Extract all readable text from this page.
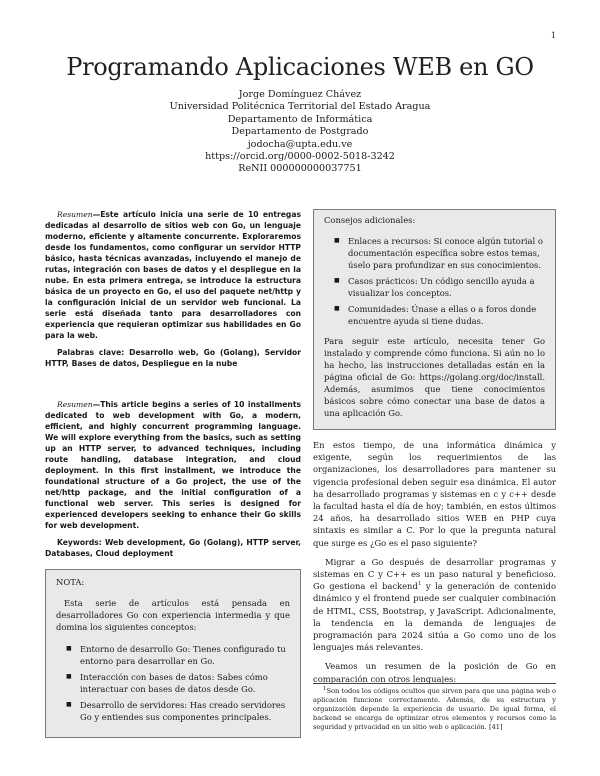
1
Programando Aplicaciones WEB en GO
Jorge Domínguez Chávez
Universidad Politécnica Territorial del Estado Aragua
Departamento de Informática
Departamento de Postgrado
jodocha@upta.edu.ve
https://orcid.org/0000-0002-5018-3242
ReNII 000000000037751

Resumen—Este artículo inicia una serie de 10 entregas dedicadas al desarrollo de sitios web con Go, un lenguaje moderno, eficiente y altamente concurrente. Exploraremos desde los fundamentos, como configurar un servidor HTTP básico, hasta técnicas avanzadas, incluyendo el manejo de rutas, integración con bases de datos y el despliegue en la nube. En esta primera entrega, se introduce la estructura básica de un proyecto en Go, el uso del paquete net/http y la configuración inicial de un servidor web funcional. La serie está diseñada tanto para desarrolladores con experiencia que requieran optimizar sus habilidades en Go para la web.

Palabras clave: Desarrollo web, Go (Golang), Servidor HTTP, Bases de datos, Despliegue en la nube

Resumen—This article begins a series of 10 installments dedicated to web development with Go, a modern, efficient, and highly concurrent programming language. We will explore everything from the basics, such as setting up an HTTP server, to advanced techniques, including route handling, database integration, and cloud deployment. In this first installment, we introduce the foundational structure of a Go project, the use of the net/http package, and the initial configuration of a functional web server. This series is designed for experienced developers seeking to enhance their Go skills for web development.

Keywords: Web development, Go (Golang), HTTP server, Databases, Cloud deployment

NOTA:

Esta serie de artículos está pensada en desarrolladores Go con experiencia intermedia y que domina los siguientes conceptos:

■ Entorno de desarrollo Go: Tienes configurado tu entorno para desarrollar en Go.
■ Interacción con bases de datos: Sabes cómo interactuar con bases de datos desde Go.
■ Desarrollo de servidores: Has creado servidores Go y entiendes sus componentes principales.
Consejos adicionales:
■ Enlaces a recursos: Si conoce algún tutorial o documentación específica sobre estos temas, úselo para profundizar en sus conocimientos.
■ Casos prácticos: Un código sencillo ayuda a visualizar los conceptos.
■ Comunidades: Únase a ellas o a foros donde encuentre ayuda si tiene dudas.

Para seguir este artículo, necesita tener Go instalado y comprende cómo funciona. Si aún no lo ha hecho, las instrucciones detalladas están en la página oficial de Go: https://golang.org/doc/install. Además, asumimos que tiene conocimientos básicos sobre cómo conectar una base de datos a una aplicación Go.

En estos tiempo, de una informática dinámica y exigente, según los requerimientos de las organizaciones, los desarrolladores para mantener su vigencia profesional deben seguir esa dinámica. El autor ha desarrollado programas y sistemas en c y c++ desde la facultad hasta el día de hoy; también, en estos últimos 24 años, ha desarrollado sitios WEB en PHP cuya sintaxis es similar a C. Por lo que la pregunta natural que surge es ¿Go es el paso siguiente?

Migrar a Go después de desarrollar programas y sistemas en C y C++ es un paso natural y beneficioso. Go gestiona el backend$^1$ y la generación de contenido dinámico y el frontend puede ser cualquier combinación de HTML, CSS, Bootstrap, y JavaScript. Adicionalmente, la tendencia en la demanda de lenguajes de programación para 2024 sitúa a Go como uno de los lenguajes más relevantes.

Veamos un resumen de la posición de Go en comparación con otros lenguajes:

$^1$Son todos los códigos ocultos que sirven para que una página web o aplicación funcione correctamente. Además, de su estructura y organización depende la experiencia de usuario. De igual forma, el backend se encarga de optimizar otros elementos y recursos como la seguridad y privacidad en un sitio web o aplicación. [41]
